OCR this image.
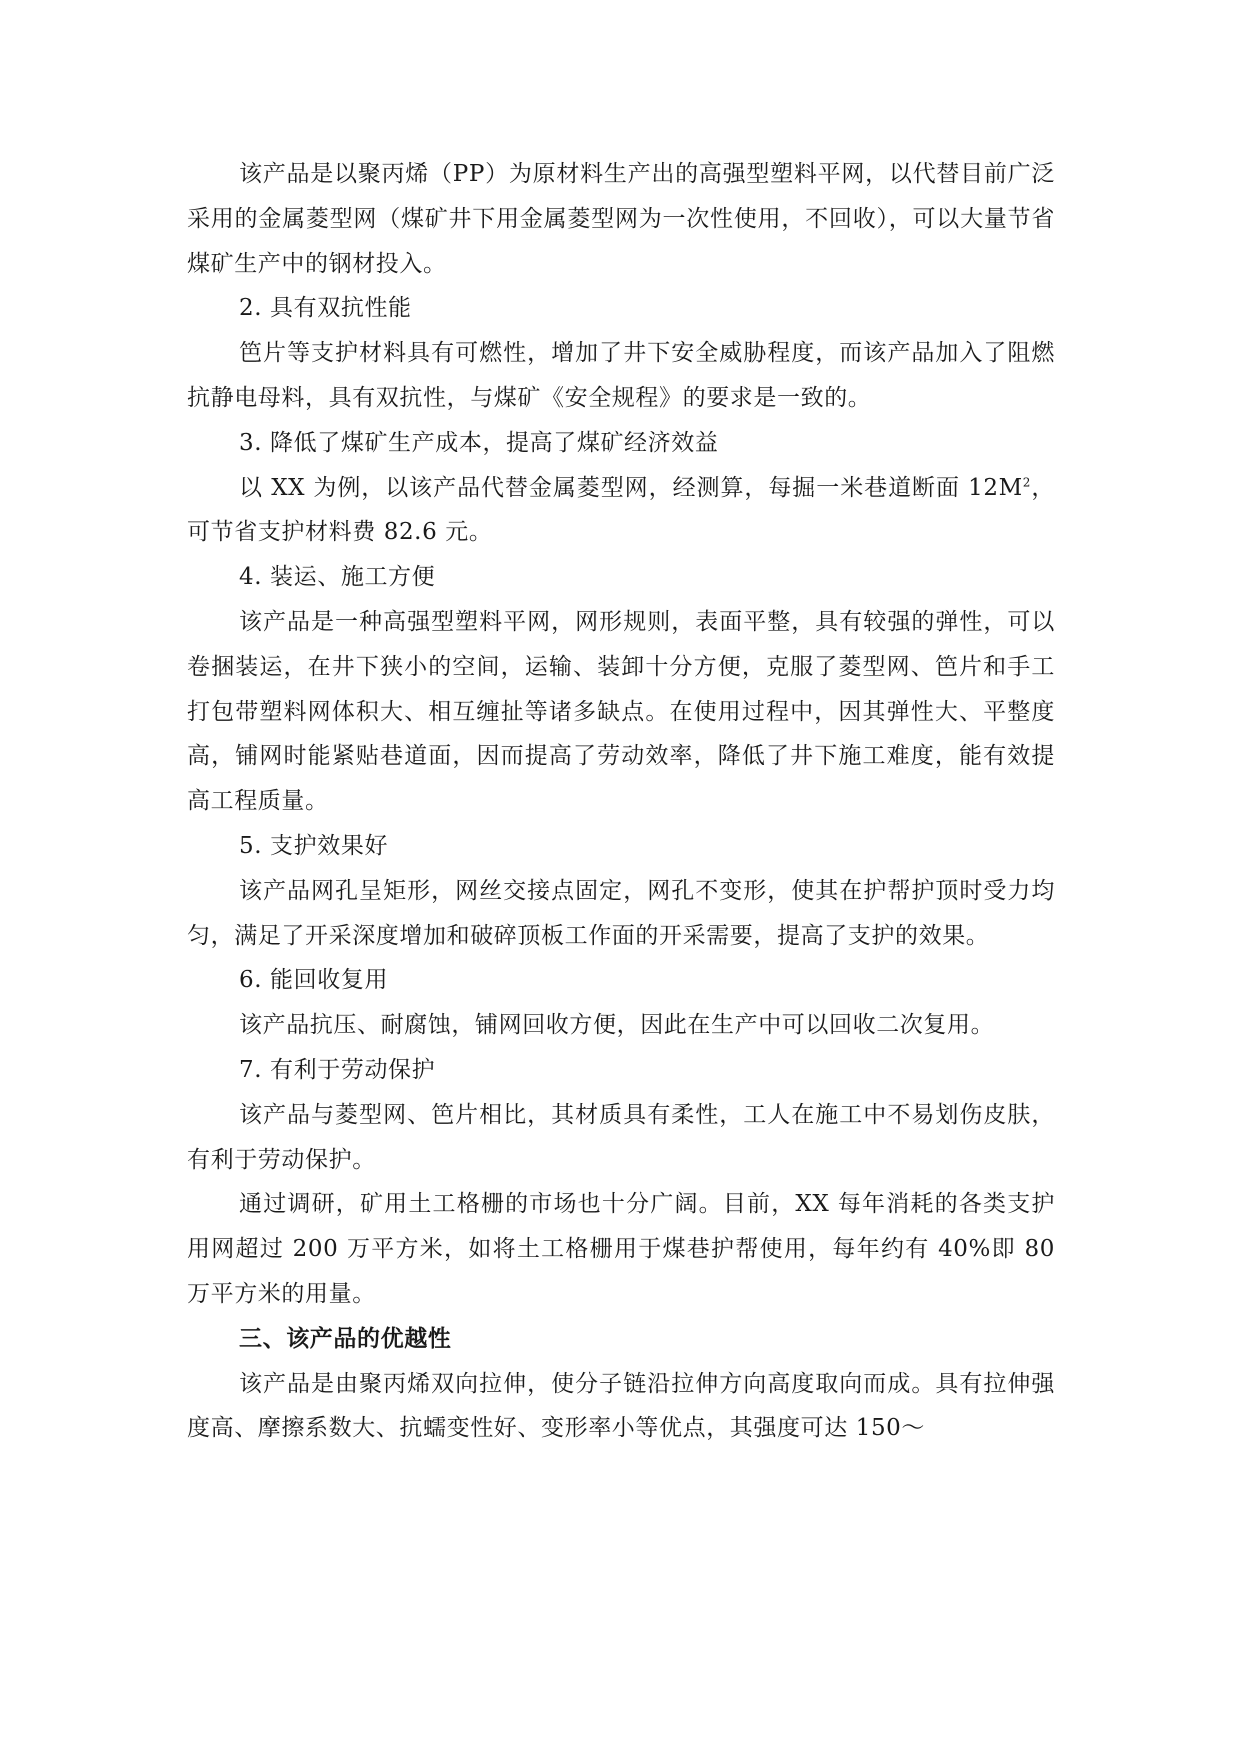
该产品是以聚丙烯（PP）为原材料生产出的高强型塑料平网，以代替目前广泛采用的金属菱型网（煤矿井下用金属菱型网为一次性使用，不回收），可以大量节省煤矿生产中的钢材投入。

2. 具有双抗性能

笆片等支护材料具有可燃性，增加了井下安全威胁程度，而该产品加入了阻燃抗静电母料，具有双抗性，与煤矿《安全规程》的要求是一致的。

3. 降低了煤矿生产成本，提高了煤矿经济效益

以 XX 为例，以该产品代替金属菱型网，经测算，每掘一米巷道断面 $12M^2$，可节省支护材料费 82.6 元。

4. 装运、施工方便

该产品是一种高强型塑料平网，网形规则，表面平整，具有较强的弹性，可以卷捆装运，在井下狭小的空间，运输、装卸十分方便，克服了菱型网、笆片和手工打包带塑料网体积大、相互缠扯等诸多缺点。在使用过程中，因其弹性大、平整度高，铺网时能紧贴巷道面，因而提高了劳动效率，降低了井下施工难度，能有效提高工程质量。

5. 支护效果好

该产品网孔呈矩形，网丝交接点固定，网孔不变形，使其在护帮护顶时受力均匀，满足了开采深度增加和破碎顶板工作面的开采需要，提高了支护的效果。

6. 能回收复用

该产品抗压、耐腐蚀，铺网回收方便，因此在生产中可以回收二次复用。

7. 有利于劳动保护

该产品与菱型网、笆片相比，其材质具有柔性，工人在施工中不易划伤皮肤，有利于劳动保护。

通过调研，矿用土工格栅的市场也十分广阔。目前，XX 每年消耗的各类支护用网超过 200 万平方米，如将土工格栅用于煤巷护帮使用，每年约有 40%即 80 万平方米的用量。

三、该产品的优越性

该产品是由聚丙烯双向拉伸，使分子链沿拉伸方向高度取向而成。具有拉伸强度高、摩擦系数大、抗蠕变性好、变形率小等优点，其强度可达 150～
